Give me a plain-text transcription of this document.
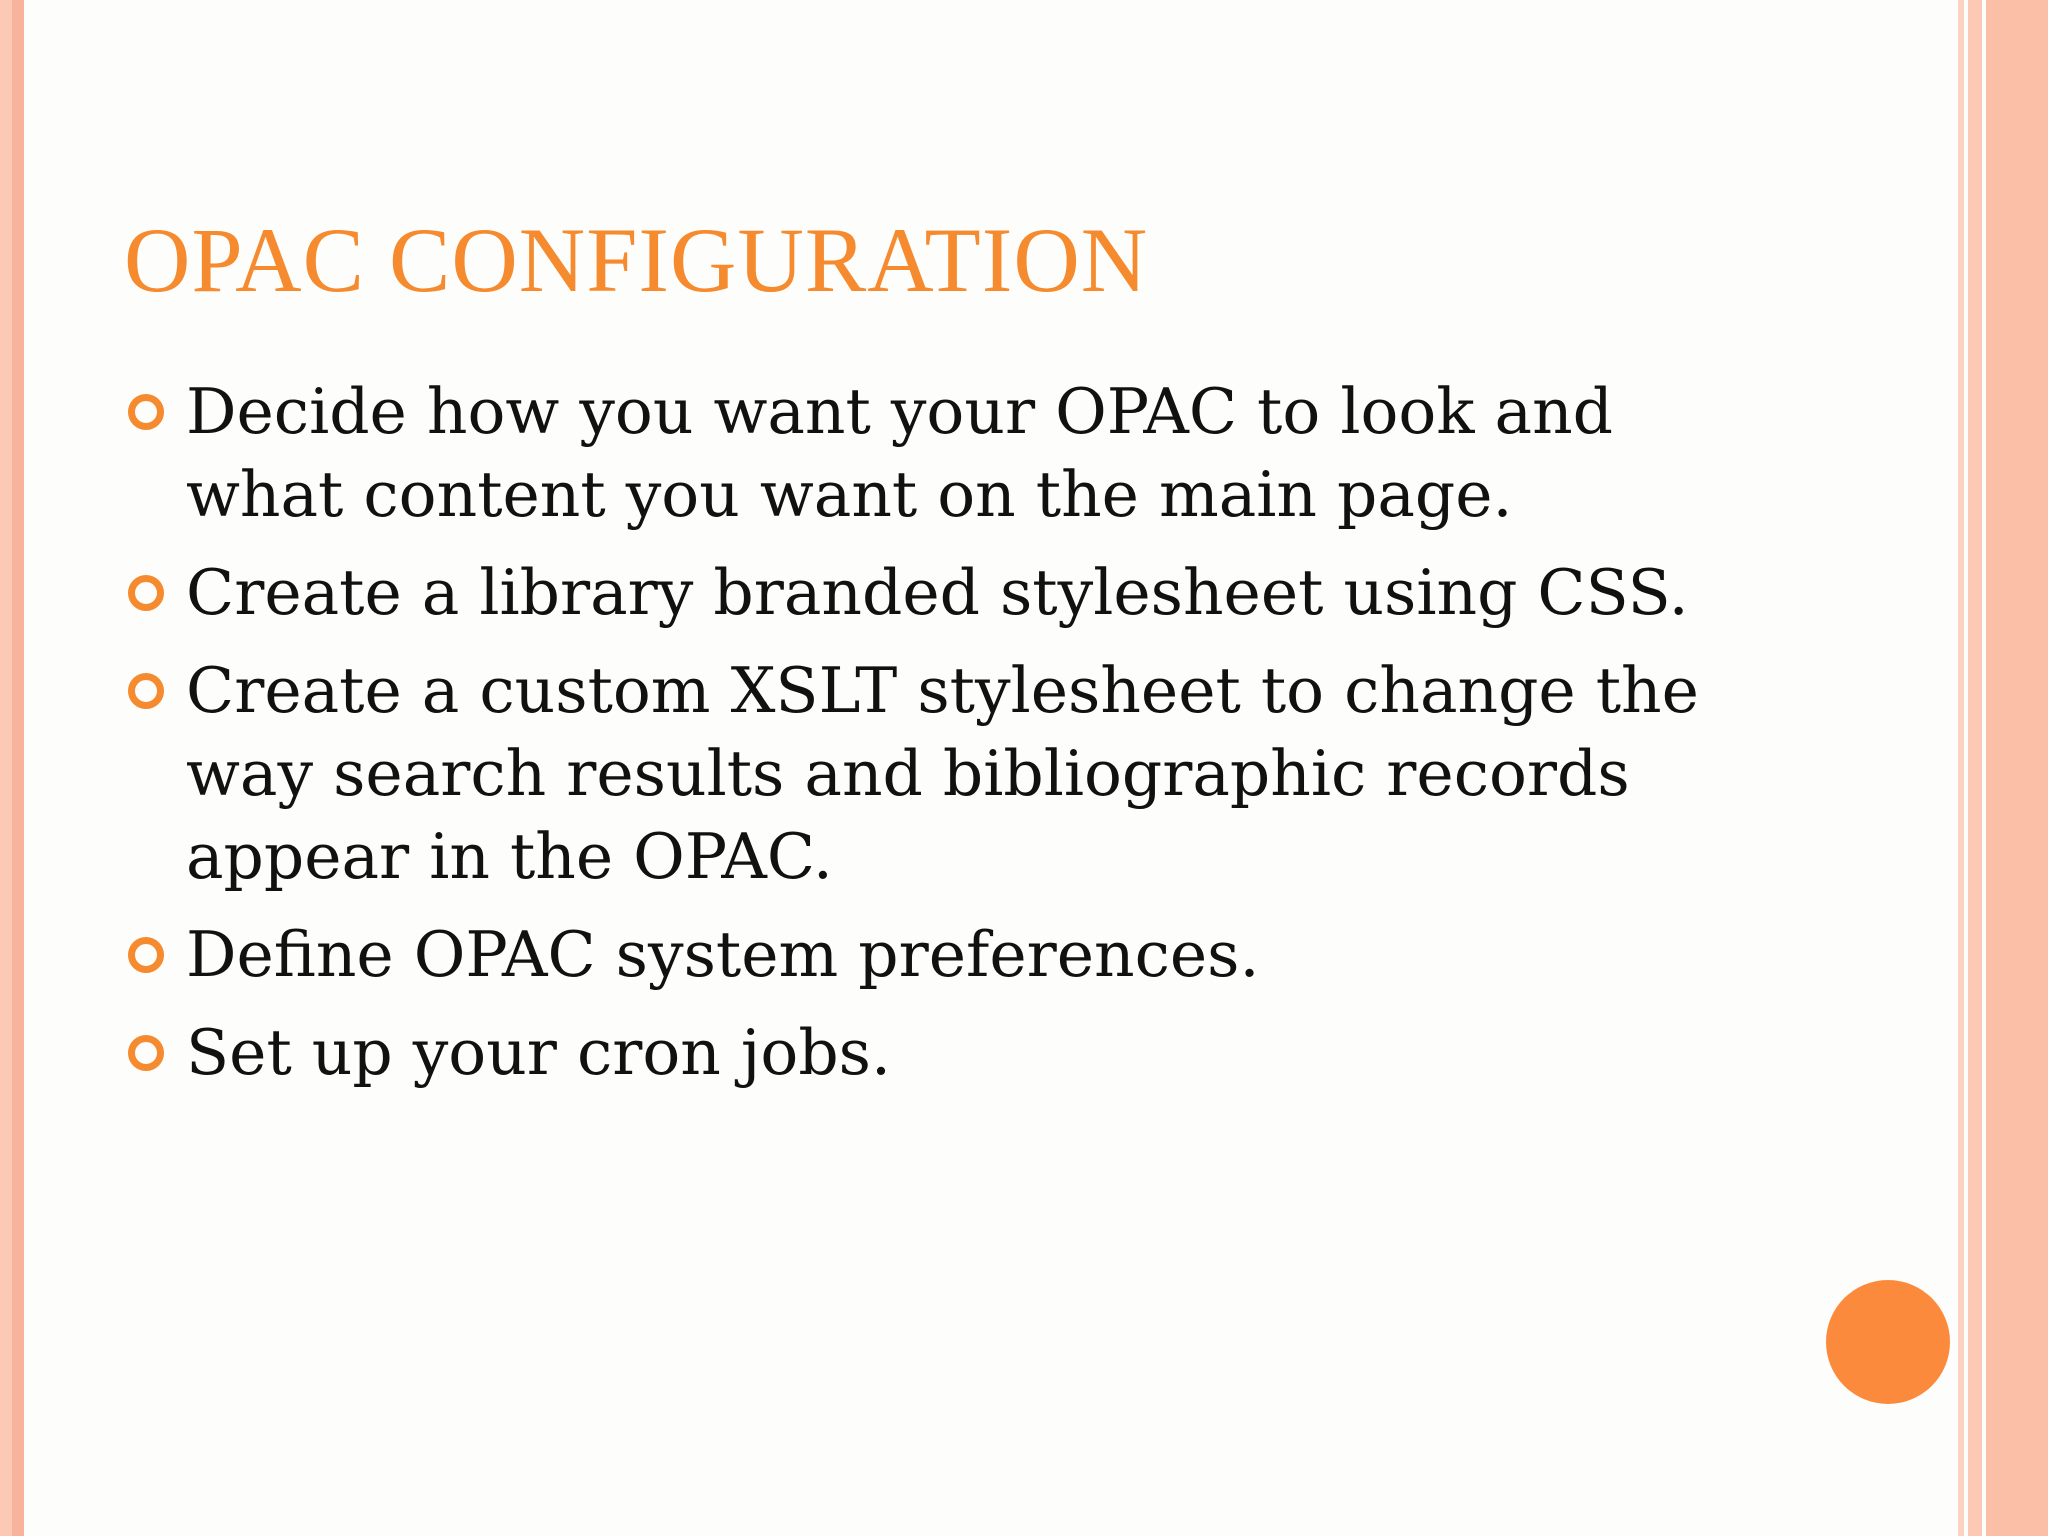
OPAC CONFIGURATION
Decide how you want your OPAC to look and what content you want on the main page.
Create a library branded stylesheet using CSS.
Create a custom XSLT stylesheet to change the way search results and bibliographic records appear in the OPAC.
Define OPAC system preferences.
Set up your cron jobs.
